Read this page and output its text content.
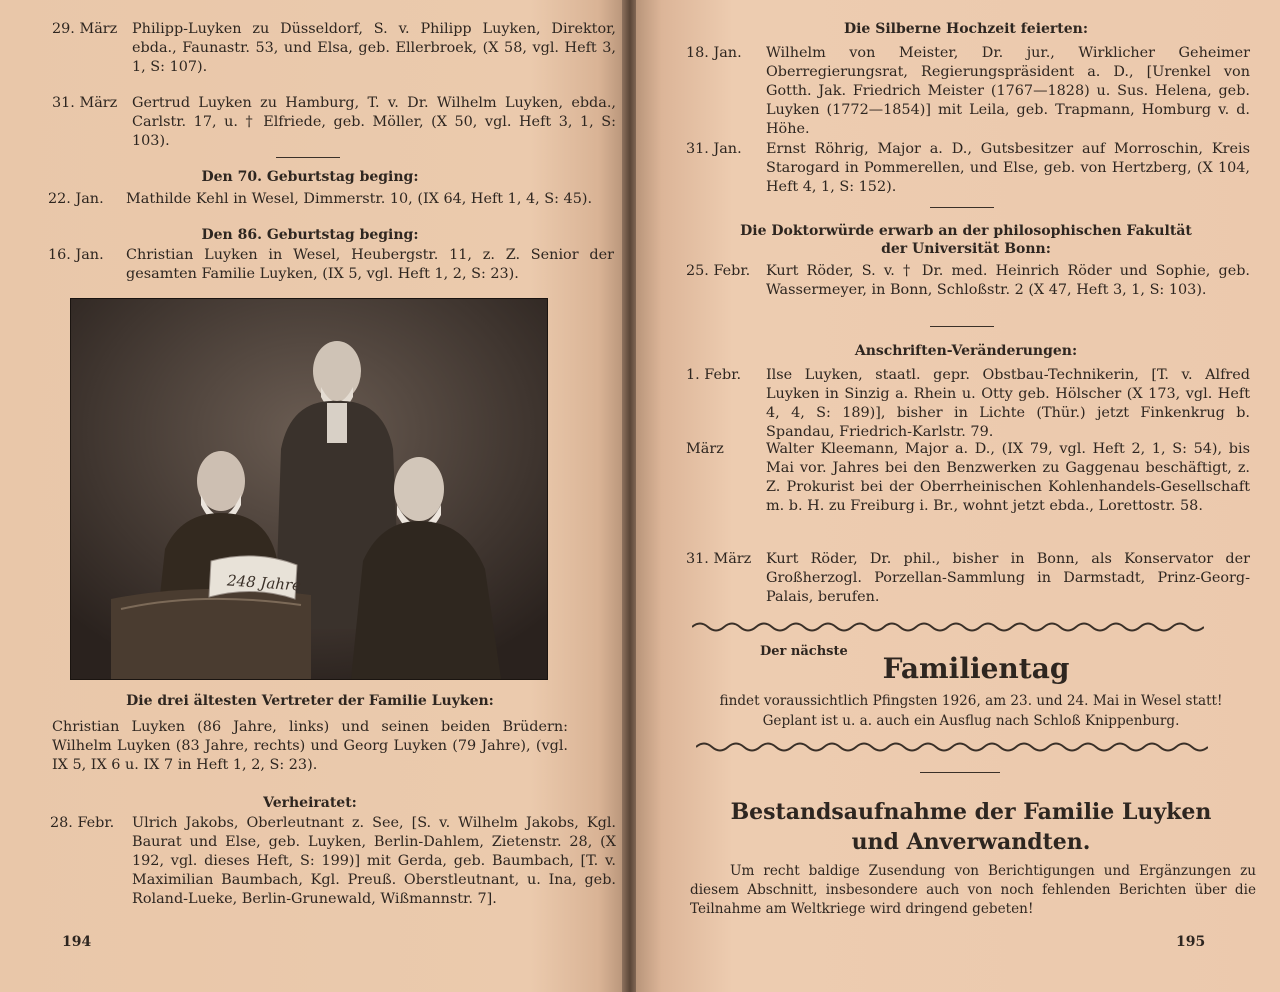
29. März Philipp-Luyken zu Düsseldorf, S. v. Philipp Luyken, Direktor, ebda., Faunastr. 53, und Elsa, geb. Ellerbroek, (X 58, vgl. Heft 3, 1, S: 107).
31. März Gertrud Luyken zu Hamburg, T. v. Dr. Wilhelm Luyken, ebda., Carlstr. 17, u. † Elfriede, geb. Möller, (X 50, vgl. Heft 3, 1, S: 103).
Den 70. Geburtstag beging:
22. Jan. Mathilde Kehl in Wesel, Dimmerstr. 10, (IX 64, Heft 1, 4, S: 45).
Den 86. Geburtstag beging:
16. Jan. Christian Luyken in Wesel, Heubergstr. 11, z. Z. Senior der gesamten Familie Luyken, (IX 5, vgl. Heft 1, 2, S: 23).
248 Jahre
Die drei ältesten Vertreter der Familie Luyken:
Christian Luyken (86 Jahre, links) und seinen beiden Brüdern: Wilhelm Luyken (83 Jahre, rechts) und Georg Luyken (79 Jahre), (vgl. IX 5, IX 6 u. IX 7 in Heft 1, 2, S: 23).
Verheiratet:
28. Febr. Ulrich Jakobs, Oberleutnant z. See, [S. v. Wilhelm Jakobs, Kgl. Baurat und Else, geb. Luyken, Berlin-Dahlem, Zietenstr. 28, (X 192, vgl. dieses Heft, S: 199)] mit Gerda, geb. Baumbach, [T. v. Maximilian Baumbach, Kgl. Preuß. Oberstleutnant, u. Ina, geb. Roland-Lueke, Berlin-Grunewald, Wißmannstr. 7].
194
Die Silberne Hochzeit feierten:
18. Jan. Wilhelm von Meister, Dr. jur., Wirklicher Geheimer Oberregierungsrat, Regierungspräsident a. D., [Urenkel von Gotth. Jak. Friedrich Meister (1767—1828) u. Sus. Helena, geb. Luyken (1772—1854)] mit Leila, geb. Trapmann, Homburg v. d. Höhe.
31. Jan. Ernst Röhrig, Major a. D., Gutsbesitzer auf Morroschin, Kreis Starogard in Pommerellen, und Else, geb. von Hertzberg, (X 104, Heft 4, 1, S: 152).
Die Doktorwürde erwarb an der philosophischen Fakultät
der Universität Bonn:
25. Febr. Kurt Röder, S. v. † Dr. med. Heinrich Röder und Sophie, geb. Wassermeyer, in Bonn, Schloßstr. 2 (X 47, Heft 3, 1, S: 103).
Anschriften-Veränderungen:
1. Febr. Ilse Luyken, staatl. gepr. Obstbau-Technikerin, [T. v. Alfred Luyken in Sinzig a. Rhein u. Otty geb. Hölscher (X 173, vgl. Heft 4, 4, S: 189)], bisher in Lichte (Thür.) jetzt Finkenkrug b. Spandau, Friedrich-Karlstr. 79.
März	Walter Kleemann, Major a. D., (IX 79, vgl. Heft 2, 1, S: 54), bis Mai vor. Jahres bei den Benzwerken zu Gaggenau beschäftigt, z. Z. Prokurist bei der Oberrheinischen Kohlenhandels-Gesellschaft m. b. H. zu Freiburg i. Br., wohnt jetzt ebda., Lorettostr. 58.
31. März Kurt Röder, Dr. phil., bisher in Bonn, als Konservator der Großherzogl. Porzellan-Sammlung in Darmstadt, Prinz-Georg-Palais, berufen.
Der nächste
Familientag
findet voraussichtlich Pfingsten 1926, am 23. und 24. Mai in Wesel statt!
Geplant ist u. a. auch ein Ausflug nach Schloß Knippenburg.
Bestandsaufnahme der Familie Luyken
und Anverwandten.
Um recht baldige Zusendung von Berichtigungen und Ergänzungen zu diesem Abschnitt, insbesondere auch von noch fehlenden Berichten über die Teilnahme am Weltkriege wird dringend gebeten!
195
